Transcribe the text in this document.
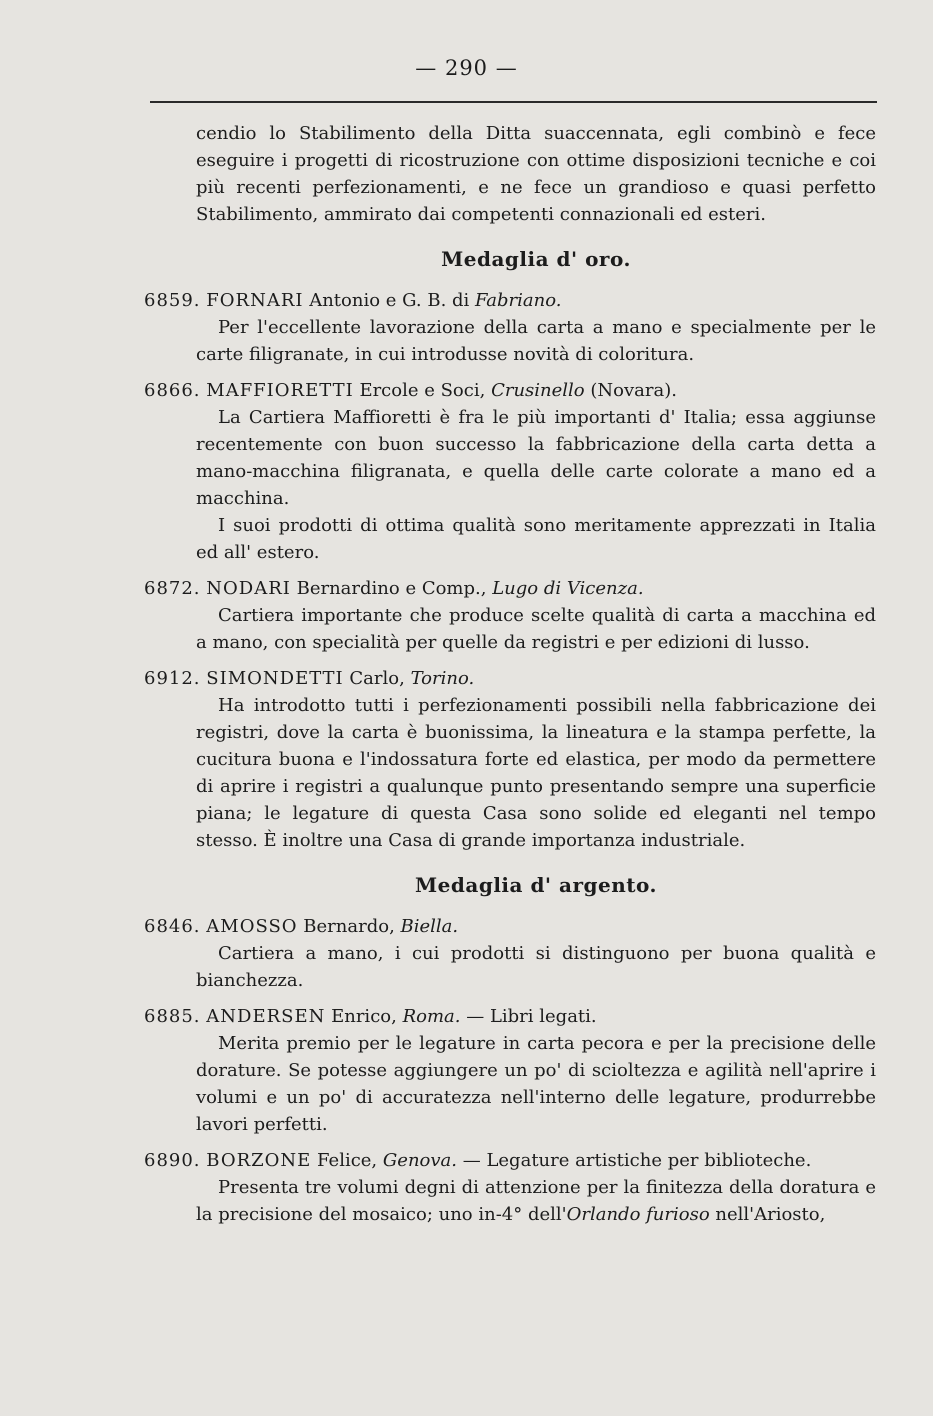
— 290 —

cendio lo Stabilimento della Ditta suaccennata, egli combinò e fece eseguire i progetti di ricostruzione con ottime disposizioni tecniche e coi più recenti perfezionamenti, e ne fece un grandioso e quasi perfetto Stabilimento, ammirato dai competenti connazionali ed esteri.

Medaglia d' oro.

6859. FORNARI Antonio e G. B. di Fabriano.

Per l'eccellente lavorazione della carta a mano e specialmente per le carte filigranate, in cui introdusse novità di coloritura.

6866. MAFFIORETTI Ercole e Soci, Crusinello (Novara).

La Cartiera Maffioretti è fra le più importanti d' Italia; essa aggiunse recentemente con buon successo la fabbricazione della carta detta a mano-macchina filigranata, e quella delle carte colorate a mano ed a macchina.

I suoi prodotti di ottima qualità sono meritamente apprezzati in Italia ed all' estero.

6872. NODARI Bernardino e Comp., Lugo di Vicenza.

Cartiera importante che produce scelte qualità di carta a macchina ed a mano, con specialità per quelle da registri e per edizioni di lusso.

6912. SIMONDETTI Carlo, Torino.

Ha introdotto tutti i perfezionamenti possibili nella fabbricazione dei registri, dove la carta è buonissima, la lineatura e la stampa perfette, la cucitura buona e l'indossatura forte ed elastica, per modo da permettere di aprire i registri a qualunque punto presentando sempre una superficie piana; le legature di questa Casa sono solide ed eleganti nel tempo stesso. È inoltre una Casa di grande importanza industriale.

Medaglia d' argento.

6846. AMOSSO Bernardo, Biella.

Cartiera a mano, i cui prodotti si distinguono per buona qualità e bianchezza.

6885. ANDERSEN Enrico, Roma. — Libri legati.

Merita premio per le legature in carta pecora e per la precisione delle dorature. Se potesse aggiungere un po' di scioltezza e agilità nell'aprire i volumi e un po' di accuratezza nell'interno delle legature, produrrebbe lavori perfetti.

6890. BORZONE Felice, Genova. — Legature artistiche per biblioteche.

Presenta tre volumi degni di attenzione per la finitezza della doratura e la precisione del mosaico; uno in-4° dell'Orlando furioso nell'Ariosto,
